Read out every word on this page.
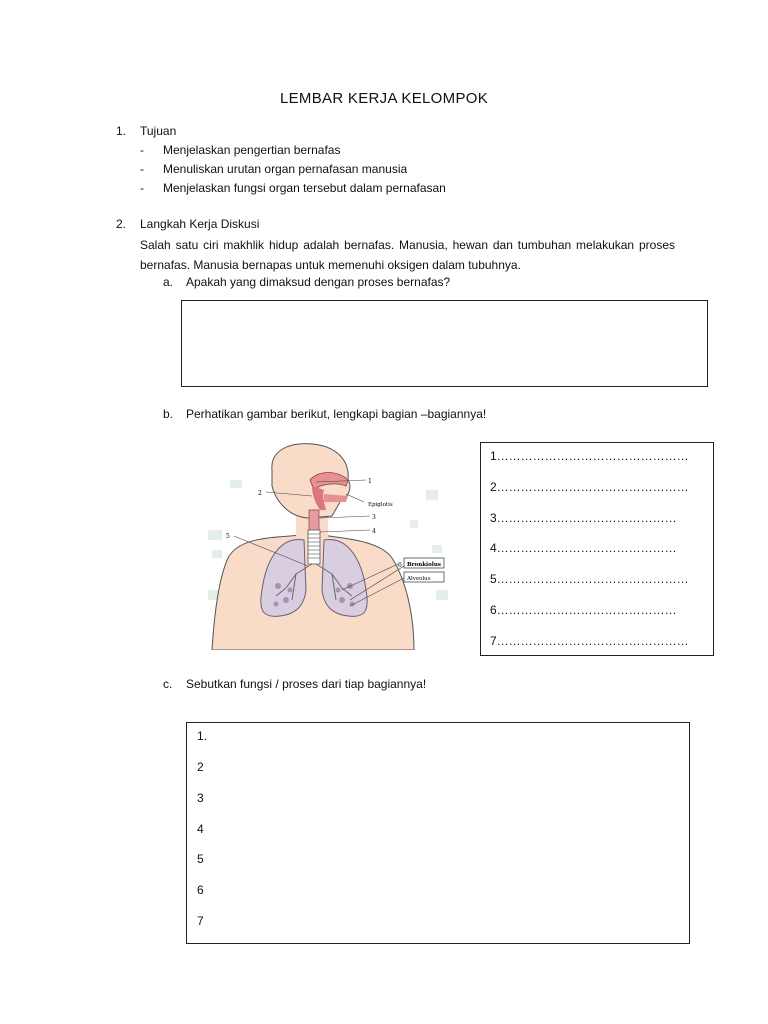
LEMBAR KERJA KELOMPOK
1. Tujuan
- Menjelaskan pengertian bernafas
- Menuliskan urutan organ pernafasan manusia
- Menjelaskan fungsi organ tersebut dalam pernafasan
2. Langkah Kerja Diskusi
Salah satu ciri makhlik hidup adalah bernafas. Manusia, hewan dan tumbuhan melakukan proses bernafas. Manusia bernapas untuk memenuhi oksigen dalam tubuhnya.
a. Apakah yang dimaksud dengan proses bernafas?
b. Perhatikan gambar berikut, lengkapi bagian –bagiannya!
1
2
3
4
5
6
Epiglotis
Bronkiolus
Alveolus
1…………………………………………
2…………………………………………
3………………………………………
4………………………………………
5…………………………………………
6………………………………………
7…………………………………………
c. Sebutkan fungsi / proses dari tiap bagiannya!
1.
2
3
4
5
6
7
